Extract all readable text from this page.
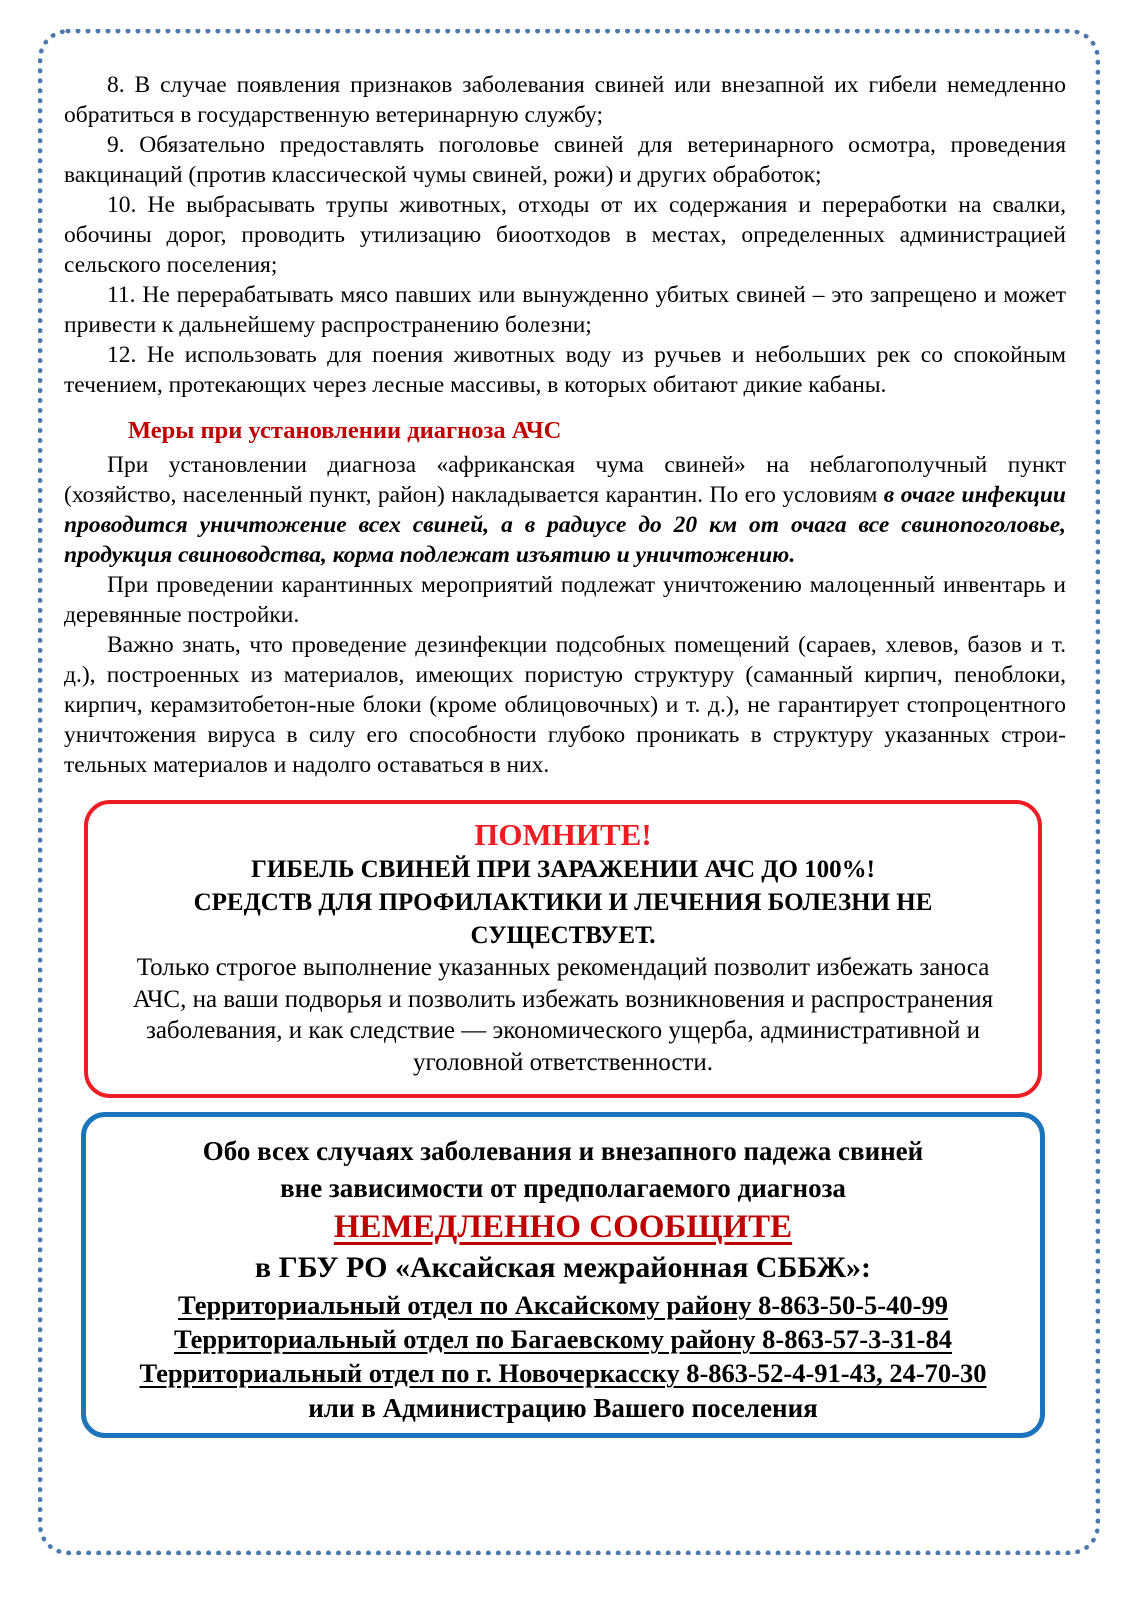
8. В случае появления признаков заболевания свиней или внезапной их гибели немедленно обратиться в государственную ветеринарную службу;

9. Обязательно предоставлять поголовье свиней для ветеринарного осмотра, проведения вакцинаций (против классической чумы свиней, рожи) и других обработок;

10. Не выбрасывать трупы животных, отходы от их содержания и переработки на свалки, обочины дорог, проводить утилизацию биоотходов в местах, определенных администрацией сельского поселения;

11. Не перерабатывать мясо павших или вынужденно убитых свиней – это запрещено и может привести к дальнейшему распространению болезни;

12. Не использовать для поения животных воду из ручьев и небольших рек со спокойным течением, протекающих через лесные массивы, в которых обитают дикие кабаны.

Меры при установлении диагноза АЧС

При установлении диагноза «африканская чума свиней» на неблагополучный пункт (хозяйство, населенный пункт, район) накладывается карантин. По его условиям в очаге инфекции проводится уничтожение всех свиней, а в радиусе до 20 км от очага все свинопоголовье, продукция свиноводства, корма подлежат изъятию и уничтожению.

При проведении карантинных мероприятий подлежат уничтожению малоценный инвентарь и деревянные постройки.

Важно знать, что проведение дезинфекции подсобных помещений (сараев, хлевов, базов и т. д.), построенных из материалов, имеющих пористую структуру (саманный кирпич, пеноблоки, кирпич, керамзитобетон-ные блоки (кроме облицовочных) и т. д.), не гарантирует стопроцентного уничтожения вируса в силу его способности глубоко проникать в структуру указанных строи-тельных материалов и надолго оставаться в них.

ПОМНИТЕ!
ГИБЕЛЬ СВИНЕЙ ПРИ ЗАРАЖЕНИИ АЧС ДО 100%!
СРЕДСТВ ДЛЯ ПРОФИЛАКТИКИ И ЛЕЧЕНИЯ БОЛЕЗНИ НЕ СУЩЕСТВУЕТ.
Только строгое выполнение указанных рекомендаций позволит избежать заноса АЧС, на ваши подворья и позволить избежать возникновения и распространения заболевания, и как следствие — экономического ущерба, административной и уголовной ответственности.
Обо всех случаях заболевания и внезапного падежа свиней
вне зависимости от предполагаемого диагноза
НЕМЕДЛЕННО СООБЩИТЕ
в ГБУ РО «Аксайская межрайонная СББЖ»:
Территориальный отдел по Аксайскому району 8-863-50-5-40-99
Территориальный отдел по Багаевскому району 8-863-57-3-31-84
Территориальный отдел по г. Новочеркасску 8-863-52-4-91-43, 24-70-30
или в Администрацию Вашего поселения
